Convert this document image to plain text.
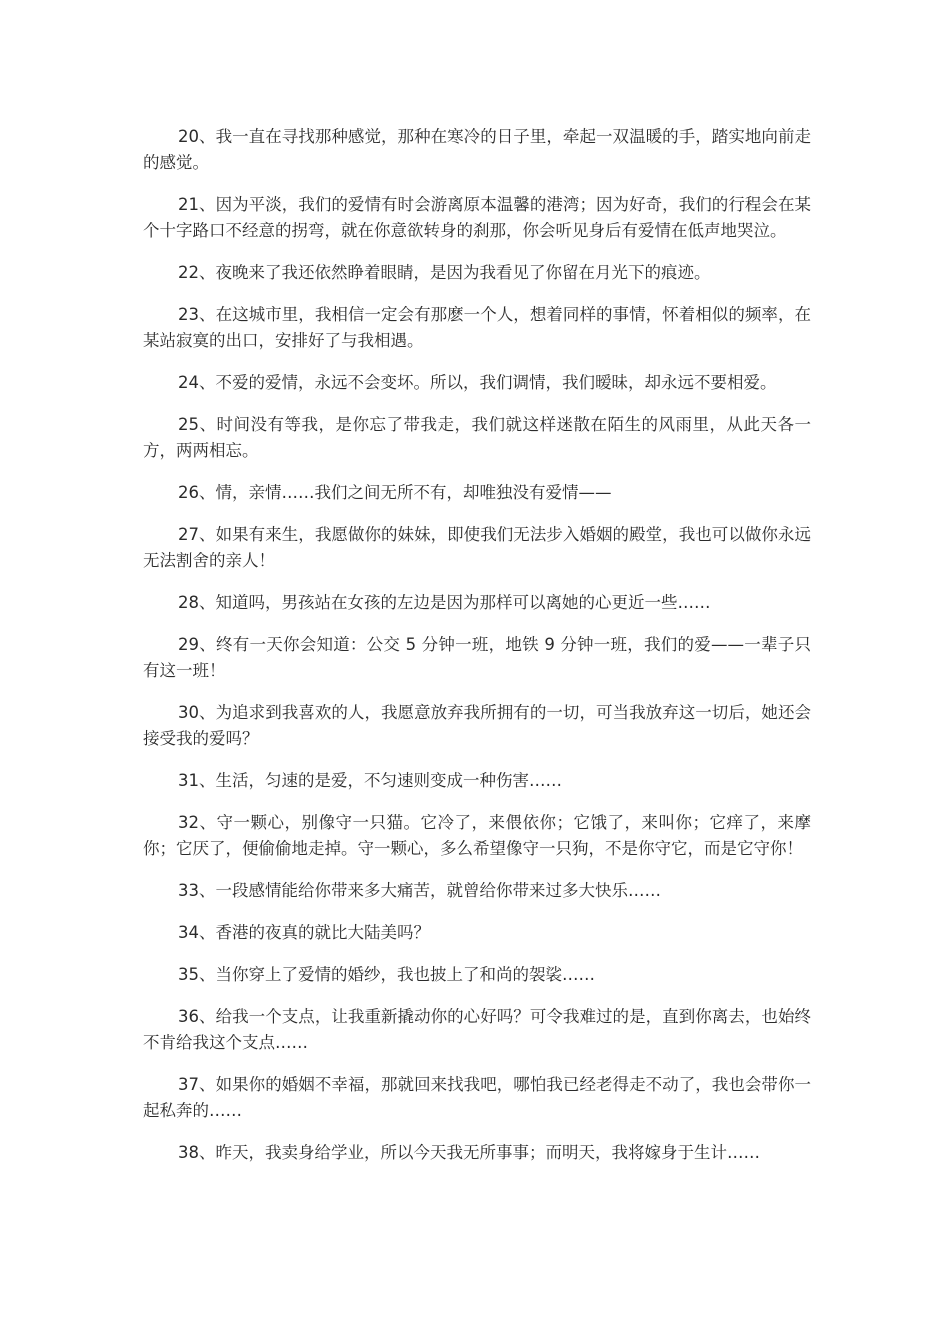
20、我一直在寻找那种感觉，那种在寒冷的日子里，牵起一双温暖的手，踏实地向前走的感觉。

21、因为平淡，我们的爱情有时会游离原本温馨的港湾；因为好奇，我们的行程会在某个十字路口不经意的拐弯，就在你意欲转身的刹那，你会听见身后有爱情在低声地哭泣。

22、夜晚来了我还依然睁着眼睛，是因为我看见了你留在月光下的痕迹。

23、在这城市里，我相信一定会有那麽一个人，想着同样的事情，怀着相似的频率，在某站寂寞的出口，安排好了与我相遇。

24、不爱的爱情，永远不会变坏。所以，我们调情，我们暧昧，却永远不要相爱。

25、时间没有等我，是你忘了带我走，我们就这样迷散在陌生的风雨里，从此天各一方，两两相忘。

26、情，亲情……我们之间无所不有，却唯独没有爱情——

27、如果有来生，我愿做你的妹妹，即使我们无法步入婚姻的殿堂，我也可以做你永远无法割舍的亲人！

28、知道吗，男孩站在女孩的左边是因为那样可以离她的心更近一些……

29、终有一天你会知道：公交 5 分钟一班，地铁 9 分钟一班，我们的爱——一辈子只有这一班！

30、为追求到我喜欢的人，我愿意放弃我所拥有的一切，可当我放弃这一切后，她还会接受我的爱吗？

31、生活，匀速的是爱，不匀速则变成一种伤害……

32、守一颗心，别像守一只猫。它冷了，来偎依你；它饿了，来叫你；它痒了，来摩你；它厌了，便偷偷地走掉。守一颗心，多么希望像守一只狗，不是你守它，而是它守你！

33、一段感情能给你带来多大痛苦，就曾给你带来过多大快乐……

34、香港的夜真的就比大陆美吗？

35、当你穿上了爱情的婚纱，我也披上了和尚的袈裟……

36、给我一个支点，让我重新撬动你的心好吗？可令我难过的是，直到你离去，也始终不肯给我这个支点……

37、如果你的婚姻不幸福，那就回来找我吧，哪怕我已经老得走不动了，我也会带你一起私奔的……

38、昨天，我卖身给学业，所以今天我无所事事；而明天，我将嫁身于生计……
